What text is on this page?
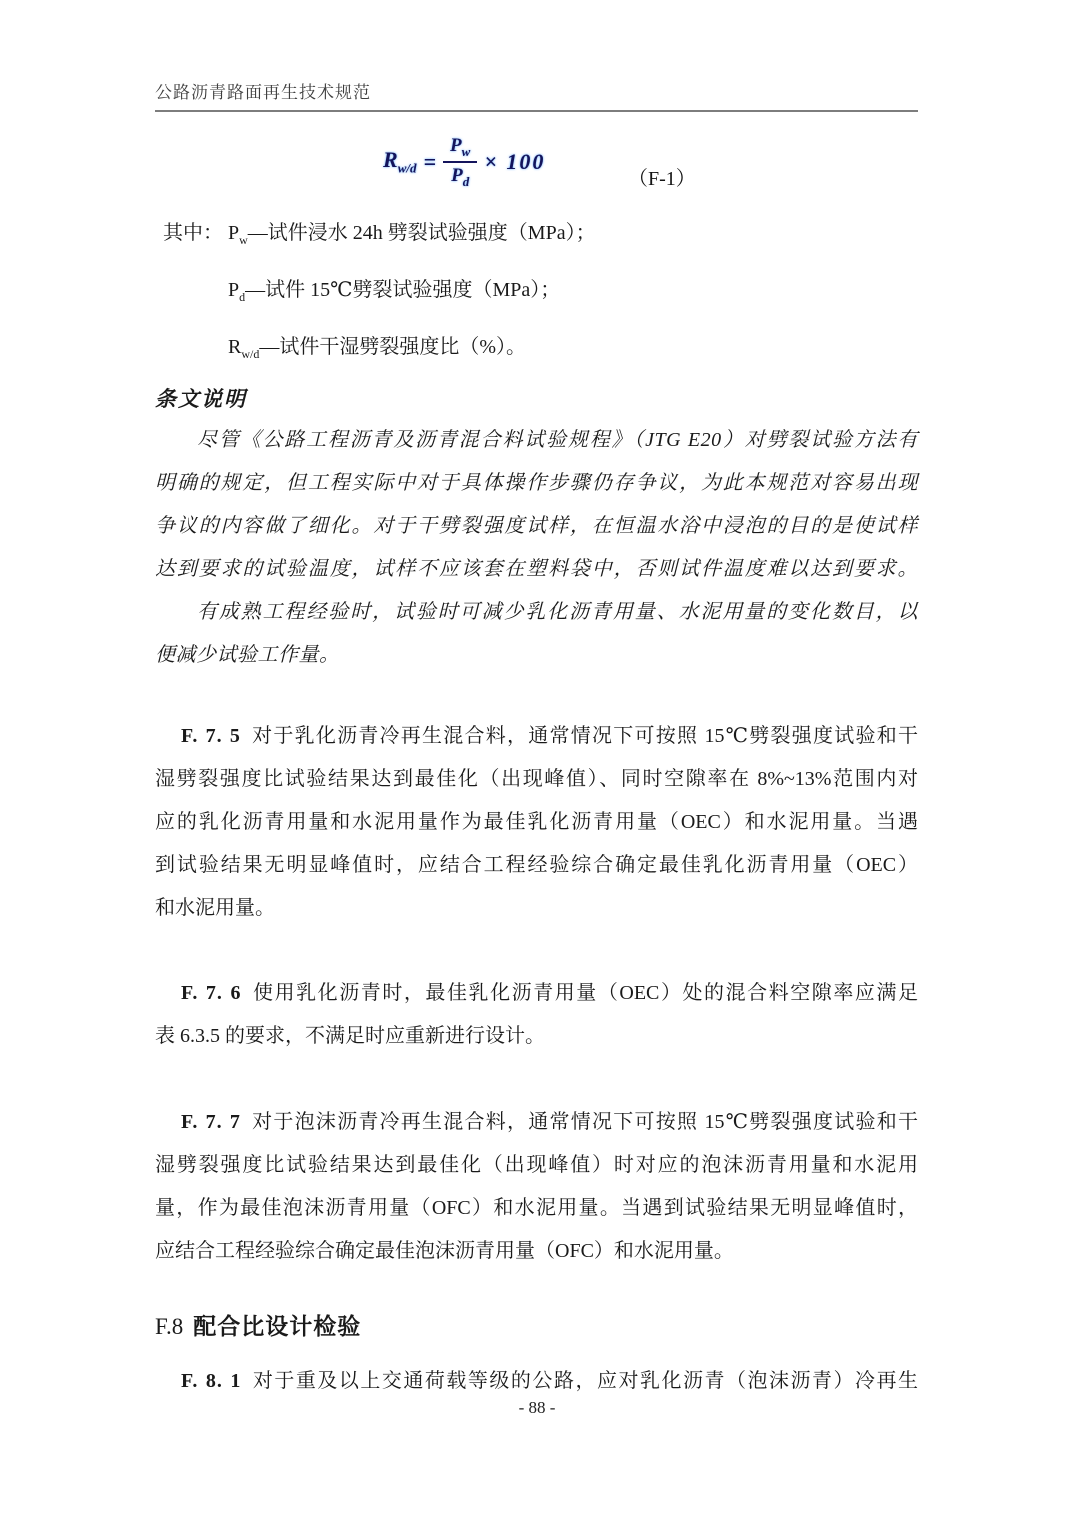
公路沥青路面再生技术规范
$R_{w/d} = \frac{P_w}{P_d} \times 100$
（F-1）
其中： $P_w—$试件浸水 24h 劈裂试验强度（MPa）；
$P_d—$试件 15℃劈裂试验强度（MPa）；
$R_{w/d}—$试件干湿劈裂强度比（%）。
条文说明
尽管《公路工程沥青及沥青混合料试验规程》（JTG E20）对劈裂试验方法有
明确的规定，但工程实际中对于具体操作步骤仍存争议，为此本规范对容易出现
争议的内容做了细化。对于干劈裂强度试样，在恒温水浴中浸泡的目的是使试样
达到要求的试验温度，试样不应该套在塑料袋中，否则试件温度难以达到要求。
有成熟工程经验时，试验时可减少乳化沥青用量、水泥用量的变化数目，以
便减少试验工作量。
F. 7. 5 对于乳化沥青冷再生混合料，通常情况下可按照 15℃劈裂强度试验和干
湿劈裂强度比试验结果达到最佳化（出现峰值）、同时空隙率在 8%~13%范围内对
应的乳化沥青用量和水泥用量作为最佳乳化沥青用量（OEC）和水泥用量。当遇
到试验结果无明显峰值时，应结合工程经验综合确定最佳乳化沥青用量（OEC）
和水泥用量。
F. 7. 6 使用乳化沥青时，最佳乳化沥青用量（OEC）处的混合料空隙率应满足
表 6.3.5 的要求，不满足时应重新进行设计。
F. 7. 7 对于泡沫沥青冷再生混合料，通常情况下可按照 15℃劈裂强度试验和干
湿劈裂强度比试验结果达到最佳化（出现峰值）时对应的泡沫沥青用量和水泥用
量，作为最佳泡沫沥青用量（OFC）和水泥用量。当遇到试验结果无明显峰值时，
应结合工程经验综合确定最佳泡沫沥青用量（OFC）和水泥用量。
F.8 配合比设计检验
F. 8. 1 对于重及以上交通荷载等级的公路，应对乳化沥青（泡沫沥青）冷再生
- 88 -
